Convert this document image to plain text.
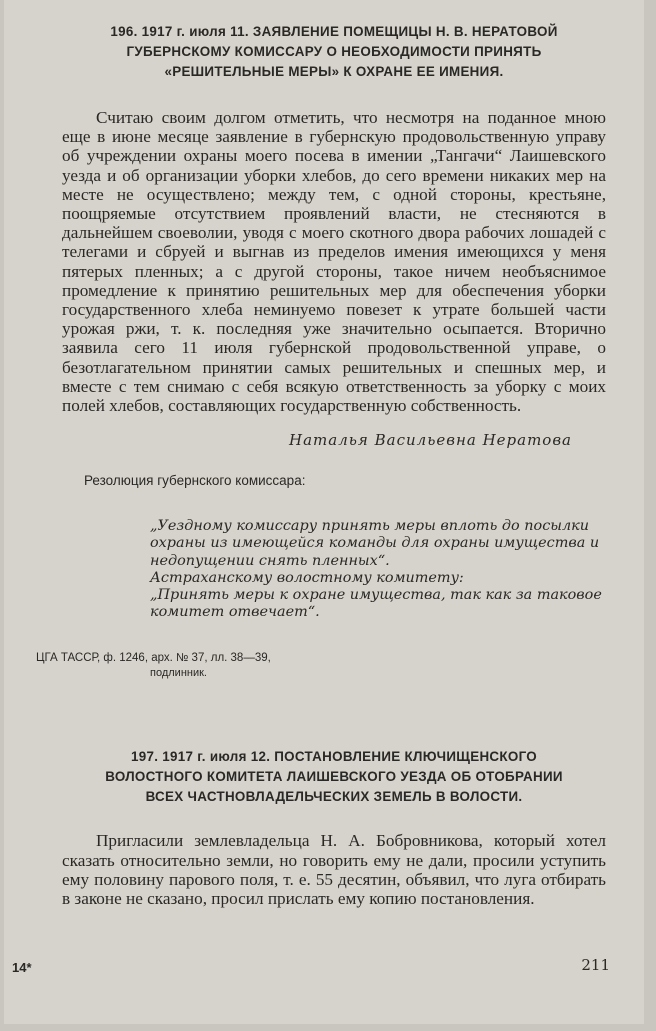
196. 1917 г. июля 11. ЗАЯВЛЕНИЕ ПОМЕЩИЦЫ Н. В. НЕРАТОВОЙ
ГУБЕРНСКОМУ КОМИССАРУ О НЕОБХОДИМОСТИ ПРИНЯТЬ
«РЕШИТЕЛЬНЫЕ МЕРЫ» К ОХРАНЕ ЕЕ ИМЕНИЯ.

Считаю своим долгом отметить, что несмотря на поданное мною еще в июне месяце заявление в губернскую продовольственную управу об учреждении охраны моего посева в имении „Тангачи“ Лаишевского уезда и об организации уборки хлебов, до сего времени никаких мер на месте не осуществлено; между тем, с одной стороны, крестьяне, поощряемые отсутствием проявлений власти, не стесняются в дальнейшем своеволии, уводя с моего скотного двора рабочих лошадей с телегами и сбруей и выгнав из пределов имения имеющихся у меня пятерых пленных; а с другой стороны, такое ничем необъяснимое промедление к принятию решительных мер для обеспечения уборки государственного хлеба неминуемо повезет к утрате большей части урожая ржи, т. к. последняя уже значительно осыпается. Вторично заявила сего 11 июля губернской продовольственной управе, о безотлагательном принятии самых решительных и спешных мер, и вместе с тем снимаю с себя всякую ответственность за уборку с моих полей хлебов, составляющих государственную собственность.

Наталья Васильевна Нератова

Резолюция губернского комиссара:

„Уездному комиссару принять меры вплоть до посылки охраны из имеющейся команды для охраны имущества и недопущении снять пленных“.

Астраханскому волостному комитету:

„Принять меры к охране имущества, так как за таковое комитет отвечает“.

ЦГА ТАССР, ф. 1246, арх. № 37, лл. 38—39,
подлинник.

197. 1917 г. июля 12. ПОСТАНОВЛЕНИЕ КЛЮЧИЩЕНСКОГО
ВОЛОСТНОГО КОМИТЕТА ЛАИШЕВСКОГО УЕЗДА ОБ ОТОБРАНИИ
ВСЕХ ЧАСТНОВЛАДЕЛЬЧЕСКИХ ЗЕМЕЛЬ В ВОЛОСТИ.

Пригласили землевладельца Н. А. Бобровникова, который хотел сказать относительно земли, но говорить ему не дали, просили уступить ему половину парового поля, т. е. 55 десятин, объявил, что луга отбирать в законе не сказано, просил прислать ему копию постановления.

14*	211
